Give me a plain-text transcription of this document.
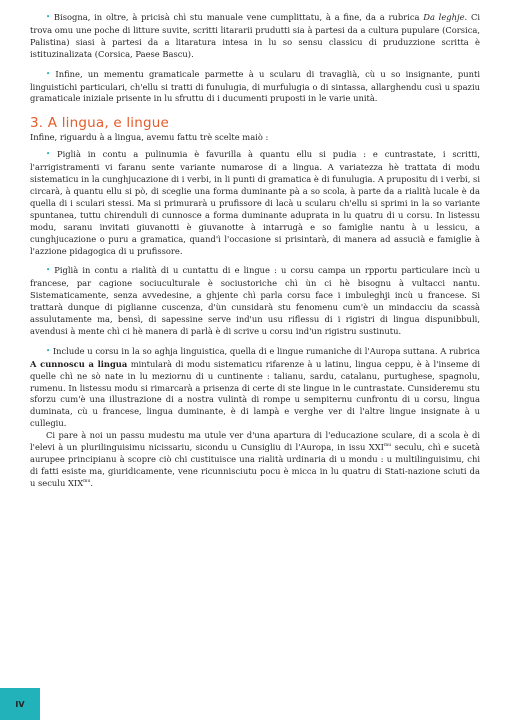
• Bisogna, in oltre, à pricisà chì stu manuale vene cumplittatu, à a fine, da a rubrica Da leghje. Ci trova omu une poche di litture suvite, scritti litararii prudutti sia à partesi da a cultura pupulare (Corsica, Palistina) siasi à partesi da a litaratura intesa in lu so sensu classicu di pruduzzione scritta è istituzinalizata (Corsica, Paese Bascu).

• Infine, un mementu gramaticale parmette à u scularu di travaglià, cù u so insignante, punti linguistichi particulari, ch'ellu si tratti di funulugia, di murfulugia o di sintassa, allarghendu cusì u spaziu gramaticale iniziale prisente in lu sfruttu di i ducumenti pruposti in le varie unità.

3. A lingua, e lingue

Infine, riguardu à a lingua, avemu fattu trè scelte maiò :

• Piglià in contu a pulinumia è favurilla à quantu ellu si pudia : e cuntrastate, i scritti, l'arrigistramenti vi faranu sente variante numarose di a lingua. A variatezza hè trattata di modu sistematicu in la cunghjucazione di i verbi, in li punti di gramatica è di funulugia. A prupositu di i verbi, si circarà, à quantu ellu si pò, di sceglie una forma duminante pà a so scola, à parte da a rialità lucale è da quella di i sculari stessi. Ma si primurarà u prufissore di lacà u scularu ch'ellu si sprimi in la so variante spuntanea, tuttu chirenduli di cunnosce a forma duminante aduprata in lu quatru di u corsu. In listessu modu, saranu invitati giuvanotti è giuvanotte à intarrugà e so famiglie nantu à u lessicu, a cunghjucazione o puru a gramatica, quand'ì l'occasione si prisintarà, di manera ad assucià e famiglie à l'azzione pidagogica di u prufissore.

• Piglià in contu a rialità di u cuntattu di e lingue : u corsu campa un rpportu particulare incù u francese, par cagione sociuculturale è sociustoriche chì ùn ci hè bisognu à vultacci nantu. Sistematicamente, senza avvedesine, a ghjente chì parla corsu face i imbuleghji incù u francese. Si trattarà dunque di piglianne cuscenza, d'ùn cunsidarà stu fenomenu cum'è un mindacciu da scassà assulutamente ma, bensì, di sapessine serve ind'un usu riflessu di i rigistri di lingua dispunibbuli, avendusi à mente chì ci hè manera di parlà è di scrive u corsu ind'un rigistru sustinutu.

• Include u corsu in la so aghja linguistica, quella di e lingue rumaniche di l'Auropa suttana. A rubrica A cunnoscu a lingua mintularà di modu sistematicu rifarenze à u latinu, lingua ceppu, è à l'inseme di quelle chì ne sò nate in lu meziornu di u cuntinente : talianu, sardu, catalanu, purtughese, spagnolu, rumenu. In listessu modu si rimarcarà a prisenza di certe di ste lingue in le cuntrastate. Cunsideremu stu sforzu cum'è una illustrazione di a nostra vulintà di rompe u sempiternu cunfrontu di u corsu, lingua duminata, cù u francese, lingua duminante, è di lampà e verghe ver di l'altre lingue insignate à u cullegiu.

Ci pare à noi un passu mudestu ma utule ver d'una apartura di l'educazione sculare, di a scola è di l'elevi à un plurilinguisimu nicissariu, sicondu u Cunsigliu di l'Auropa, in issu $XXI^{mu}$ seculu, chì e sucetà aurupee principianu à scopre ciò chi custituisce una rialità urdinaria di u mondu : u multilinguisimu, chi di fatti esiste ma, giuridicamente, vene ricunnisciutu pocu è micca in lu quatru di Stati-nazione sciuti da u seculu $XIX^{mu}$.

IV
